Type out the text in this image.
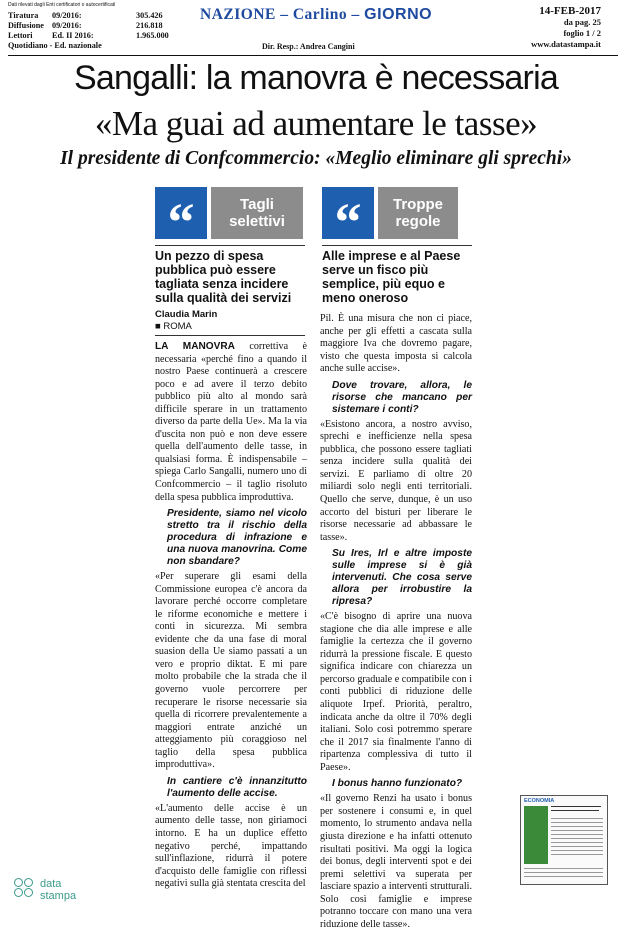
Dati rilevati dagli Enti certificatori o autocertificati
Tiratura	09/2016:	305.426
Diffusione 09/2016:	216.818
Lettori	Ed. II 2016:	1.965.000
Quotidiano - Ed. nazionale
NAZIONE – Carlino – GIORNO
Dir. Resp.: Andrea Cangini
14-FEB-2017
da pag. 25
foglio 1 / 2
www.datastampa.it
Sangalli: la manovra è necessaria
«Ma guai ad aumentare le tasse»
Il presidente di Confcommercio: «Meglio eliminare gli sprechi»
“	Tagli selettivi “	Troppe regole
Un pezzo di spesa pubblica può essere tagliata senza incidere sulla qualità dei servizi
Alle imprese e al Paese serve un fisco più semplice, più equo e meno oneroso
Claudia Marin
■ ROMA

LA MANOVRA correttiva è necessaria «perché fino a quando il nostro Paese continuerà a crescere poco e ad avere il terzo debito pubblico più alto al mondo sarà difficile sperare in un trattamento diverso da parte della Ue». Ma la via d'uscita non può e non deve essere quella dell'aumento delle tasse, in qualsiasi forma. È indispensabile – spiega Carlo Sangalli, numero uno di Confcommercio – il taglio risoluto della spesa pubblica improduttiva.

Presidente, siamo nel vicolo stretto tra il rischio della procedura di infrazione e una nuova manovrina. Come non sbandare?

«Per superare gli esami della Commissione europea c'è ancora da lavorare perché occorre completare le riforme economiche e mettere i conti in sicurezza. Mi sembra evidente che da una fase di moral suasion della Ue siamo passati a un vero e proprio diktat. E mi pare molto probabile che la strada che il governo vuole percorrere per recuperare le risorse necessarie sia quella di ricorrere prevalentemente a maggiori entrate anziché un atteggiamento più coraggioso nel taglio della spesa pubblica improduttiva».

In cantiere c'è innanzitutto l'aumento delle accise.

«L'aumento delle accise è un aumento delle tasse, non giriamoci intorno. E ha un duplice effetto negativo perché, impattando sull'inflazione, ridurrà il potere d'acquisto delle famiglie con riflessi negativi sulla già stentata crescita del

Pil. È una misura che non ci piace, anche per gli effetti a cascata sulla maggiore Iva che dovremo pagare, visto che questa imposta si calcola anche sulle accise».

Dove trovare, allora, le risorse che mancano per sistemare i conti?

«Esistono ancora, a nostro avviso, sprechi e inefficienze nella spesa pubblica, che possono essere tagliati senza incidere sulla qualità dei servizi. E parliamo di oltre 20 miliardi solo negli enti territoriali. Quello che serve, dunque, è un uso accorto del bisturi per liberare le risorse necessarie ad abbassare le tasse».

Su Ires, Irl e altre imposte sulle imprese si è già intervenuti. Che cosa serve allora per irrobustire la ripresa?

«C'è bisogno di aprire una nuova stagione che dia alle imprese e alle famiglie la certezza che il governo ridurrà la pressione fiscale. E questo significa indicare con chiarezza un percorso graduale e compatibile con i conti pubblici di riduzione delle aliquote Irpef. Priorità, peraltro, indicata anche da oltre il 70% degli italiani. Solo così potremmo sperare che il 2017 sia finalmente l'anno di ripartenza complessiva di tutto il Paese».

I bonus hanno funzionato?

«Il governo Renzi ha usato i bonus per sostenere i consumi e, in quel momento, lo strumento andava nella giusta direzione e ha infatti ottenuto risultati positivi. Ma oggi la logica dei bonus, degli interventi spot e dei premi selettivi va superata per lasciare spazio a interventi strutturali. Solo così famiglie e imprese potranno toccare con mano una vera riduzione delle tasse».

ECONOMIA
data
stampa
